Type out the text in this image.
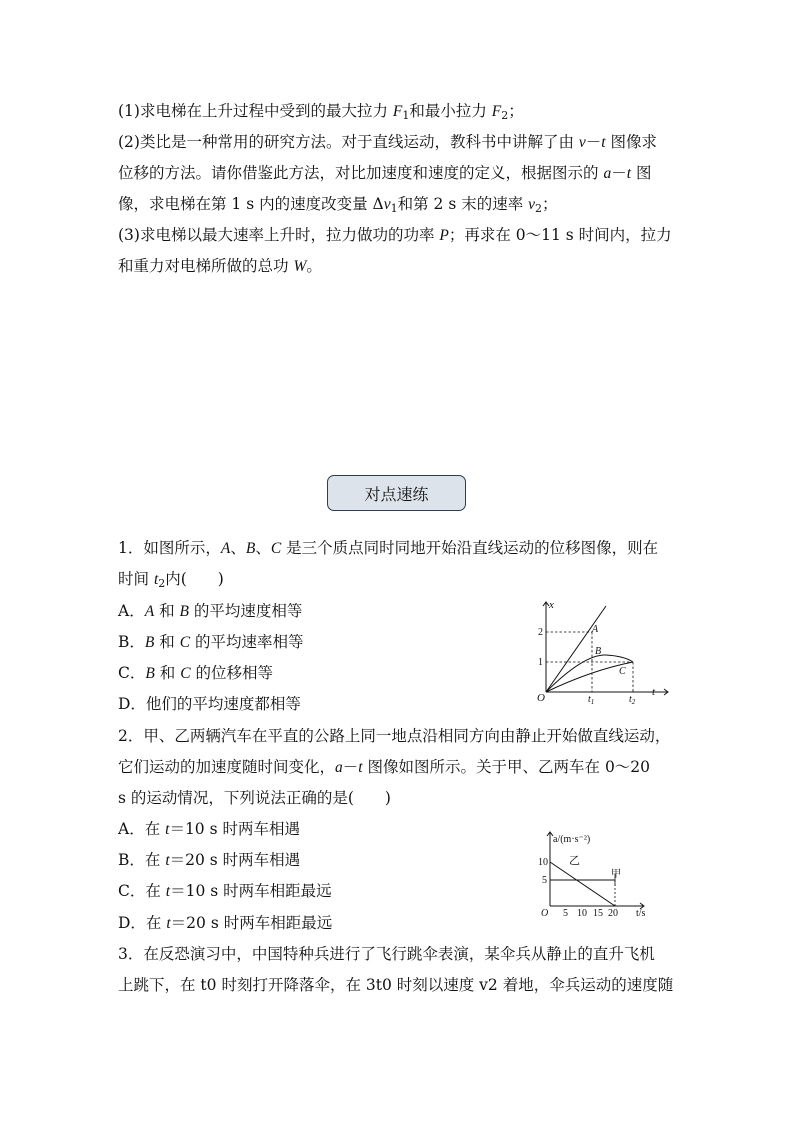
(1)求电梯在上升过程中受到的最大拉力 $F_1$和最小拉力 $F_2$；
(2)类比是一种常用的研究方法。对于直线运动，教科书中讲解了由 v－t 图像求
位移的方法。请你借鉴此方法，对比加速度和速度的定义，根据图示的 a－t 图
像，求电梯在第 1 s 内的速度改变量 $\Delta v_1$和第 2 s 末的速率 $v_2$；
(3)求电梯以最大速率上升时，拉力做功的功率 P；再求在 0～11 s 时间内，拉力
和重力对电梯所做的总功 W。
对点速练
1．如图所示，A、B、C 是三个质点同时同地开始沿直线运动的位移图像，则在
时间 $t_2$内(　　)
A．A 和 B 的平均速度相等
B．B 和 C 的平均速率相等
C．B 和 C 的位移相等
D．他们的平均速度都相等
x
t
O
2
1
$t_1$	$t_2$
A
B
C
2．甲、乙两辆汽车在平直的公路上同一地点沿相同方向由静止开始做直线运动，
它们运动的加速度随时间变化，a－t 图像如图所示。关于甲、乙两车在 0～20
s 的运动情况，下列说法正确的是(　　)
A．在 t＝10 s 时两车相遇
B．在 t＝20 s 时两车相遇
C．在 t＝10 s 时两车相距最远
D．在 t＝20 s 时两车相距最远
a/(m·s⁻²)
10
5
O 5 10 15 20 t/s
乙
甲
3．在反恐演习中，中国特种兵进行了飞行跳伞表演，某伞兵从静止的直升飞机
上跳下，在 t0 时刻打开降落伞，在 3t0 时刻以速度 v2 着地，伞兵运动的速度随
